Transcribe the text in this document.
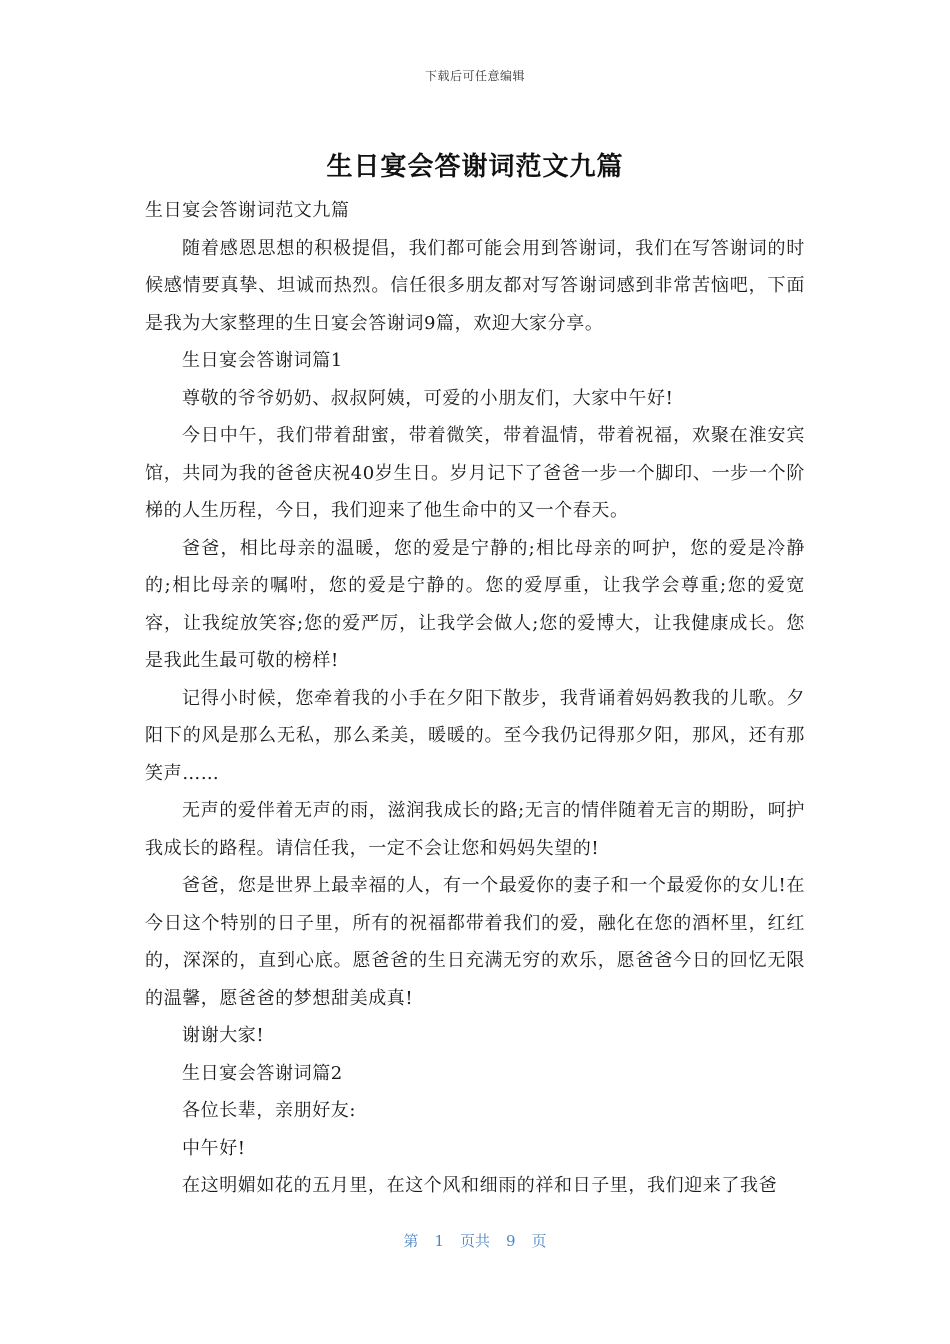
下载后可任意编辑
生日宴会答谢词范文九篇

生日宴会答谢词范文九篇

随着感恩思想的积极提倡，我们都可能会用到答谢词，我们在写答谢词的时候感情要真挚、坦诚而热烈。信任很多朋友都对写答谢词感到非常苦恼吧，下面是我为大家整理的生日宴会答谢词9篇，欢迎大家分享。

生日宴会答谢词篇1

尊敬的爷爷奶奶、叔叔阿姨，可爱的小朋友们，大家中午好!

今日中午，我们带着甜蜜，带着微笑，带着温情，带着祝福，欢聚在淮安宾馆，共同为我的爸爸庆祝40岁生日。岁月记下了爸爸一步一个脚印、一步一个阶梯的人生历程，今日，我们迎来了他生命中的又一个春天。

爸爸，相比母亲的温暖，您的爱是宁静的;相比母亲的呵护，您的爱是冷静的;相比母亲的嘱咐，您的爱是宁静的。您的爱厚重，让我学会尊重;您的爱宽容，让我绽放笑容;您的爱严厉，让我学会做人;您的爱博大，让我健康成长。您是我此生最可敬的榜样!

记得小时候，您牵着我的小手在夕阳下散步，我背诵着妈妈教我的儿歌。夕阳下的风是那么无私，那么柔美，暖暖的。至今我仍记得那夕阳，那风，还有那笑声……

无声的爱伴着无声的雨，滋润我成长的路;无言的情伴随着无言的期盼，呵护我成长的路程。请信任我，一定不会让您和妈妈失望的!

爸爸，您是世界上最幸福的人，有一个最爱你的妻子和一个最爱你的女儿!在今日这个特别的日子里，所有的祝福都带着我们的爱，融化在您的酒杯里，红红的，深深的，直到心底。愿爸爸的生日充满无穷的欢乐，愿爸爸今日的回忆无限的温馨，愿爸爸的梦想甜美成真!

谢谢大家!

生日宴会答谢词篇2

各位长辈，亲朋好友:

中午好!

在这明媚如花的五月里，在这个风和细雨的祥和日子里，我们迎来了我爸

第 1 页共 9 页
